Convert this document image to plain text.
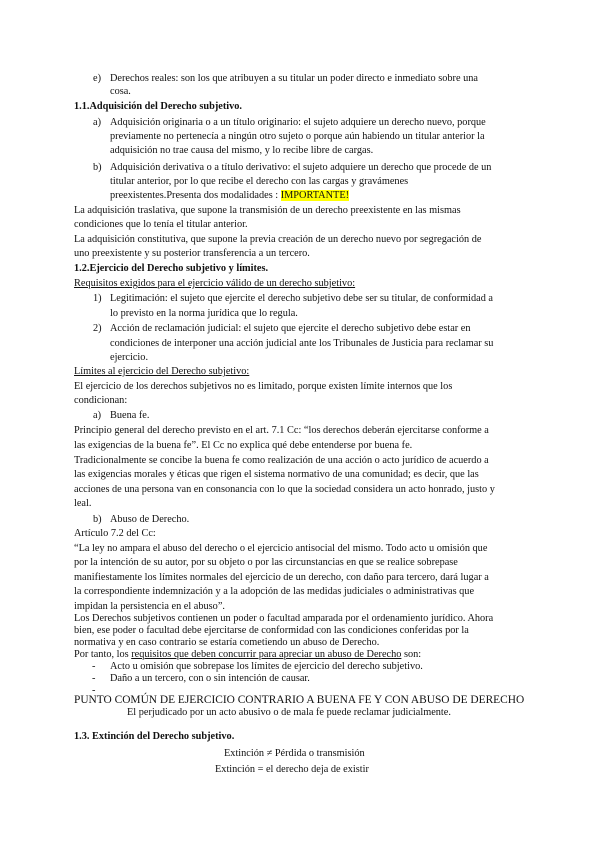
e) Derechos reales: son los que atribuyen a su titular un poder directo e inmediato sobre una
cosa.
1.1.Adquisición del Derecho subjetivo.
a) Adquisición originaria o a un título originario: el sujeto adquiere un derecho nuevo, porque
previamente no pertenecía a ningún otro sujeto o porque aún habiendo un titular anterior la
adquisición no trae causa del mismo, y lo recibe libre de cargas.
b) Adquisición derivativa o a título derivativo: el sujeto adquiere un derecho que procede de un
titular anterior, por lo que recibe el derecho con las cargas y gravámenes
preexistentes.Presenta dos modalidades : IMPORTANTE!
La adquisición traslativa, que supone la transmisión de un derecho preexistente en las mismas
condiciones que lo tenía el titular anterior.
La adquisición constitutiva, que supone la previa creación de un derecho nuevo por segregación de
uno preexistente y su posterior transferencia a un tercero.
1.2.Ejercicio del Derecho subjetivo y límites.
Requisitos exigidos para el ejercicio válido de un derecho subjetivo:
1) Legitimación: el sujeto que ejercite el derecho subjetivo debe ser su titular, de conformidad a
lo previsto en la norma jurídica que lo regula.
2) Acción de reclamación judicial: el sujeto que ejercite el derecho subjetivo debe estar en
condiciones de interponer una acción judicial ante los Tribunales de Justicia para reclamar su
ejercicio.
Límites al ejercicio del Derecho subjetivo:
El ejercicio de los derechos subjetivos no es limitado, porque existen límite internos que los
condicionan:
a) Buena fe.
Principio general del derecho previsto en el art. 7.1 Cc: “los derechos deberán ejercitarse conforme a
las exigencias de la buena fe”. El Cc no explica qué debe entenderse por buena fe.
Tradicionalmente se concibe la buena fe como realización de una acción o acto jurídico de acuerdo a
las exigencias morales y éticas que rigen el sistema normativo de una comunidad; es decir, que las
acciones de una persona van en consonancia con lo que la sociedad considera un acto honrado, justo y
leal.
b) Abuso de Derecho.
Artículo 7.2 del Cc:
“La ley no ampara el abuso del derecho o el ejercicio antisocial del mismo. Todo acto u omisión que
por la intención de su autor, por su objeto o por las circunstancias en que se realice sobrepase
manifiestamente los límites normales del ejercicio de un derecho, con daño para tercero, dará lugar a
la correspondiente indemnización y a la adopción de las medidas judiciales o administrativas que
impidan la persistencia en el abuso”.
Los Derechos subjetivos contienen un poder o facultad amparada por el ordenamiento jurídico. Ahora
bien, ese poder o facultad debe ejercitarse de conformidad con las condiciones conferidas por la
normativa y en caso contrario se estaría cometiendo un abuso de Derecho.
Por tanto, los requisitos que deben concurrir para apreciar un abuso de Derecho son:
- Acto u omisión que sobrepase los límites de ejercicio del derecho subjetivo.
- Daño a un tercero, con o sin intención de causar.
-
PUNTO COMÚN DE EJERCICIO CONTRARIO A BUENA FE Y CON ABUSO DE DERECHO
El perjudicado por un acto abusivo o de mala fe puede reclamar judicialmente.
1.3. Extinción del Derecho subjetivo.
Extinción ≠ Pérdida o transmisión
Extinción = el derecho deja de existir
